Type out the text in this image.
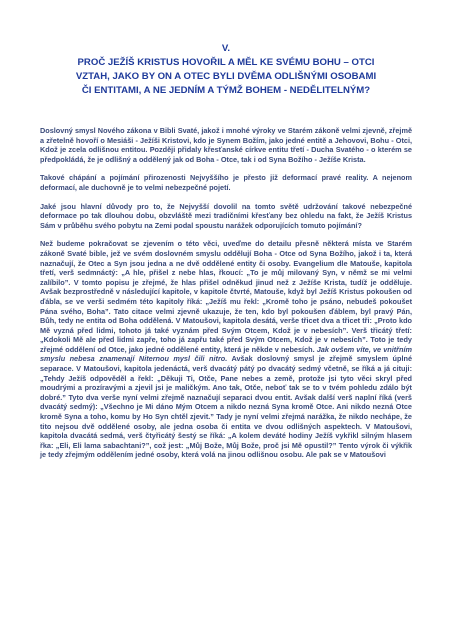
V.
PROČ JEŽÍŠ KRISTUS HOVOŘIL A MĚL KE SVÉMU BOHU – OTCI
VZTAH, JAKO BY ON A OTEC BYLI DVĚMA ODLIŠNÝMI OSOBAMI
ČI ENTITAMI, A NE JEDNÍM A TÝMŽ BOHEM - NEDĚLITELNÝM?

Doslovný smysl Nového zákona v Bibli Svaté, jakož i mnohé výroky ve Starém zákoně velmi zjevně, zřejmě a zřetelně hovoří o Mesiáši - Ježíši Kristovi, kdo je Synem Božím, jako jedné entitě a Jehovovi, Bohu - Otci, Kdož je zcela odlišnou entitou. Později přidaly křesťanské církve entitu třetí - Ducha Svatého - o kterém se předpokládá, že je odlišný a oddělený jak od Boha - Otce, tak i od Syna Božího - Ježíše Krista.

Takové chápání a pojímání přirozenosti Nejvyššího je přesto již deformací pravé reality. A nejenom deformací, ale duchovně je to velmi nebezpečné pojetí.

Jaké jsou hlavní důvody pro to, že Nejvyšší dovolil na tomto světě udržování takové nebezpečné deformace po tak dlouhou dobu, obzvláště mezi tradičními křesťany bez ohledu na fakt, že Ježíš Kristus Sám v průběhu svého pobytu na Zemi podal spoustu narážek odporujících tomuto pojímání?

Než budeme pokračovat se zjevením o této věci, uveďme do detailu přesně některá místa ve Starém zákoně Svaté bible, jež ve svém doslovném smyslu oddělují Boha - Otce od Syna Božího, jakož i ta, která naznačují, že Otec a Syn jsou jedna a ne dvě oddělené entity či osoby. Evangelium dle Matouše, kapitola třetí, verš sedmnáctý: „A hle, přišel z nebe hlas, řkoucí: „To je můj milovaný Syn, v němž se mi velmi zalíbilo”. V tomto popisu je zřejmé, že hlas přišel odněkud jinud než z Ježíše Krista, tudíž je odděluje. Avšak bezprostředně v následující kapitole, v kapitole čtvrté, Matouše, když byl Ježíš Kristus pokoušen od ďábla, se ve verši sedmém této kapitoly říká: „Ježíš mu řekl: „Kromě toho je psáno, nebudeš pokoušet Pána svého, Boha”. Tato citace velmi zjevně ukazuje, že ten, kdo byl pokoušen ďáblem, byl pravý Pán, Bůh, tedy ne entita od Boha oddělená. V Matoušovi, kapitola desátá, verše třicet dva a třicet tři: „Proto kdo Mě vyzná před lidmi, tohoto já také vyznám před Svým Otcem, Kdož je v nebesích”. Verš třicátý třetí: „Kdokoli Mě ale před lidmi zapře, toho já zapřu také před Svým Otcem, Kdož je v nebesích”. Toto je tedy zřejmé oddělení od Otce, jako jedné oddělené entity, která je někde v nebesích. Jak ovšem víte, ve vnitřním smyslu nebesa znamenají Niternou mysl čili nitro. Avšak doslovný smysl je zřejmě smyslem úplné separace. V Matoušovi, kapitola jedenáctá, verš dvacátý pátý po dvacátý sedmý včetně, se říká a já cituji: „Tehdy Ježíš odpověděl a řekl: „Děkuji Ti, Otče, Pane nebes a země, protože jsi tyto věci skryl před moudrými a prozíravými a zjevil jsi je maličkým. Ano tak, Otče, neboť tak se to v tvém pohledu zdálo být dobré.” Tyto dva verše nyní velmi zřejmě naznačují separaci dvou entit. Avšak další verš naplní říká (verš dvacátý sedmý): „Všechno je Mi dáno Mým Otcem a nikdo nezná Syna kromě Otce. Ani nikdo nezná Otce kromě Syna a toho, komu by Ho Syn chtěl zjevit.” Tady je nyní velmi zřejmá narážka, že nikdo nechápe, že tito nejsou dvě oddělené osoby, ale jedna osoba či entita ve dvou odlišných aspektech. V Matoušovi, kapitola dvacátá sedmá, verš čtyřicátý šestý se říká: „A kolem deváté hodiny Ježíš vykřikl silným hlasem řka: „Eli, Eli lama sabachtani?”, což jest: „Můj Bože, Můj Bože, proč jsi Mě opustil?” Tento výrok či výkřik je tedy zřejmým oddělením jedné osoby, která volá na jinou odlišnou osobu. Ale pak se v Matoušovi
